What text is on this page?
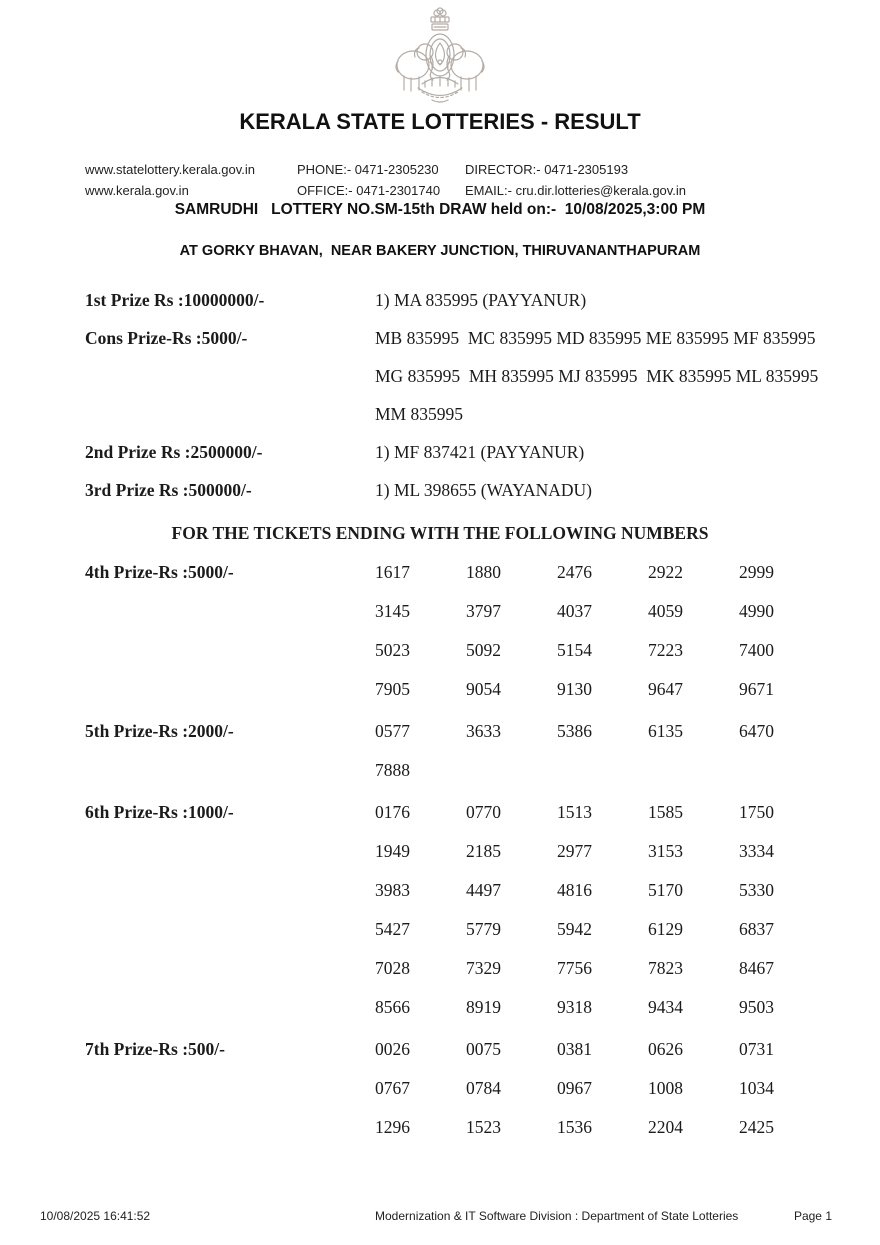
KERALA STATE LOTTERIES - RESULT
www.statelottery.kerala.gov.in	PHONE:- 0471-2305230	DIRECTOR:- 0471-2305193
www.kerala.gov.in	OFFICE:- 0471-2301740	EMAIL:- cru.dir.lotteries@kerala.gov.in
SAMRUDHI   LOTTERY NO.SM-15th DRAW held on:-  10/08/2025,3:00 PM
AT GORKY BHAVAN,  NEAR BAKERY JUNCTION, THIRUVANANTHAPURAM
1st Prize Rs :10000000/-	1) MA 835995 (PAYYANUR)
Cons Prize-Rs :5000/-	MB 835995  MC 835995 MD 835995 ME 835995 MF 835995
MG 835995  MH 835995 MJ 835995  MK 835995 ML 835995
MM 835995
2nd Prize Rs :2500000/-	1) MF 837421 (PAYYANUR)
3rd Prize Rs :500000/-	1) ML 398655 (WAYANADU)
FOR THE TICKETS ENDING WITH THE FOLLOWING NUMBERS
4th Prize-Rs :5000/-	1617	1880	2476	2922	2999
3145	3797	4037	4059	4990
5023	5092	5154	7223	7400
7905	9054	9130	9647	9671
5th Prize-Rs :2000/-	0577	3633	5386	6135	6470
7888
6th Prize-Rs :1000/-	0176	0770	1513	1585	1750
1949	2185	2977	3153	3334
3983	4497	4816	5170	5330
5427	5779	5942	6129	6837
7028	7329	7756	7823	8467
8566	8919	9318	9434	9503
7th Prize-Rs :500/-	0026	0075	0381	0626	0731
0767	0784	0967	1008	1034
1296	1523	1536	2204	2425
10/08/2025 16:41:52	Modernization & IT Software Division : Department of State Lotteries	Page 1
